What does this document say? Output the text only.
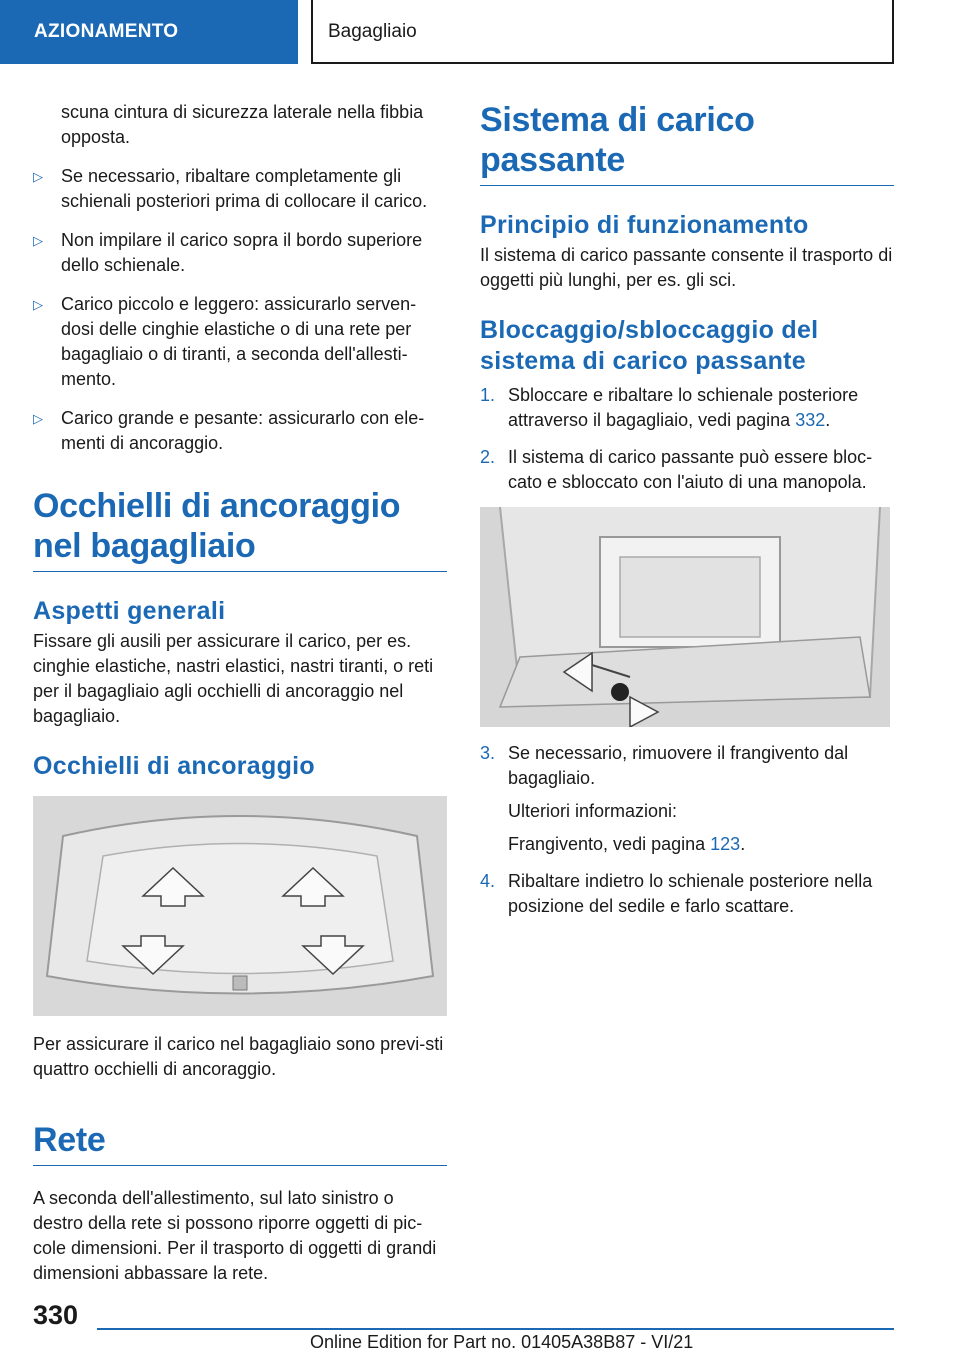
AZIONAMENTO	Bagagliaio
scuna cintura di sicurezza laterale nella fibbia opposta.
▷ Se necessario, ribaltare completamente gli schienali posteriori prima di collocare il carico.
▷ Non impilare il carico sopra il bordo superiore dello schienale.
▷ Carico piccolo e leggero: assicurarlo serven-dosi delle cinghie elastiche o di una rete per bagagliaio o di tiranti, a seconda dell'allesti-mento.
▷ Carico grande e pesante: assicurarlo con ele-menti di ancoraggio.
Occhielli di ancoraggio nel bagagliaio
Aspetti generali

Fissare gli ausili per assicurare il carico, per es. cinghie elastiche, nastri elastici, nastri tiranti, o reti per il bagagliaio agli occhielli di ancoraggio nel bagagliaio.

Occhielli di ancoraggio

Per assicurare il carico nel bagagliaio sono previ-sti quattro occhielli di ancoraggio.

Rete

A seconda dell'allestimento, sul lato sinistro o destro della rete si possono riporre oggetti di pic-cole dimensioni. Per il trasporto di oggetti di grandi dimensioni abbassare la rete.

Sistema di carico passante
Principio di funzionamento

Il sistema di carico passante consente il trasporto di oggetti più lunghi, per es. gli sci.

Bloccaggio/sbloccaggio del sistema di carico passante
1. Sbloccare e ribaltare lo schienale posteriore attraverso il bagagliaio, vedi pagina 332.
2. Il sistema di carico passante può essere bloc-cato e sbloccato con l'aiuto di una manopola.
3. Se necessario, rimuovere il frangivento dal bagagliaio.
Ulteriori informazioni:
Frangivento, vedi pagina 123.
4. Ribaltare indietro lo schienale posteriore nella posizione del sedile e farlo scattare.
330
Online Edition for Part no. 01405A38B87 - VI/21
